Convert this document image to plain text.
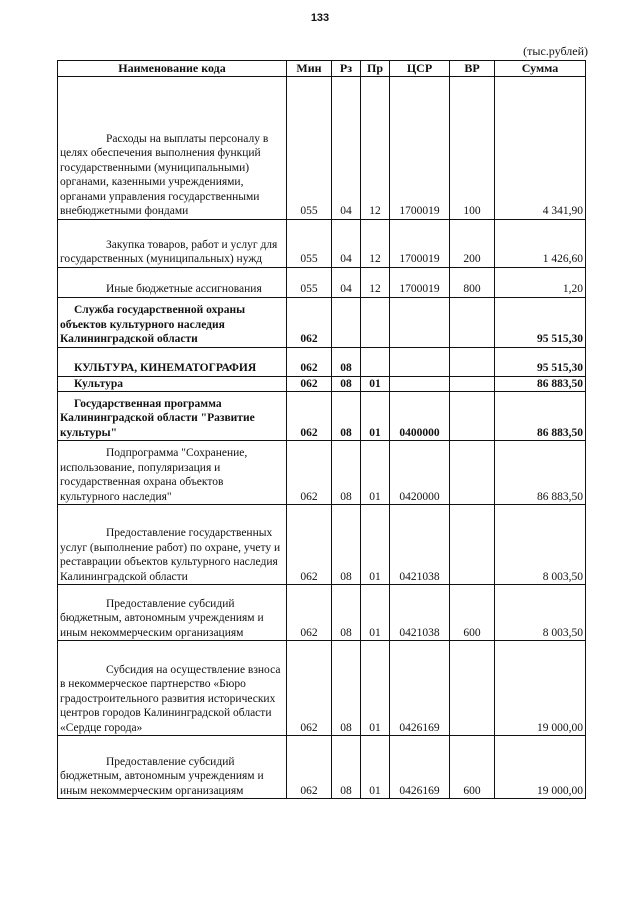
133
(тыс.рублей)
Наименование кода	Мин	Рз	Пр	ЦСР	ВР	Сумма
Расходы на выплаты персоналу в целях обеспечения выполнения функций государственными (муниципальными) органами, казенными учреждениями, органами управления государственными внебюджетными фондами	055	04	12	1700019	100	4 341,90
Закупка товаров, работ и услуг для государственных (муниципальных) нужд	055	04	12	1700019	200	1 426,60
Иные бюджетные ассигнования	055	04	12	1700019	800	1,20
Служба государственной охраны объектов культурного наследия Калининградской области	062					95 515,30
КУЛЬТУРА, КИНЕМАТОГРАФИЯ	062	08				95 515,30
Культура	062	08	01			86 883,50
Государственная программа Калининградской области "Развитие культуры"	062	08	01	0400000		86 883,50
Подпрограмма "Сохранение, использование, популяризация и государственная охрана объектов культурного наследия"	062	08	01	0420000		86 883,50
Предоставление государственных услуг (выполнение работ) по охране, учету и реставрации объектов культурного наследия Калининградской области	062	08	01	0421038		8 003,50
Предоставление субсидий бюджетным, автономным учреждениям и иным некоммерческим организациям	062	08	01	0421038	600	8 003,50
Субсидия на осуществление взноса в некоммерческое партнерство «Бюро градостроительного развития исторических центров городов Калининградской области «Сердце города»	062	08	01	0426169		19 000,00
Предоставление субсидий бюджетным, автономным учреждениям и иным некоммерческим организациям	062	08	01	0426169	600	19 000,00
